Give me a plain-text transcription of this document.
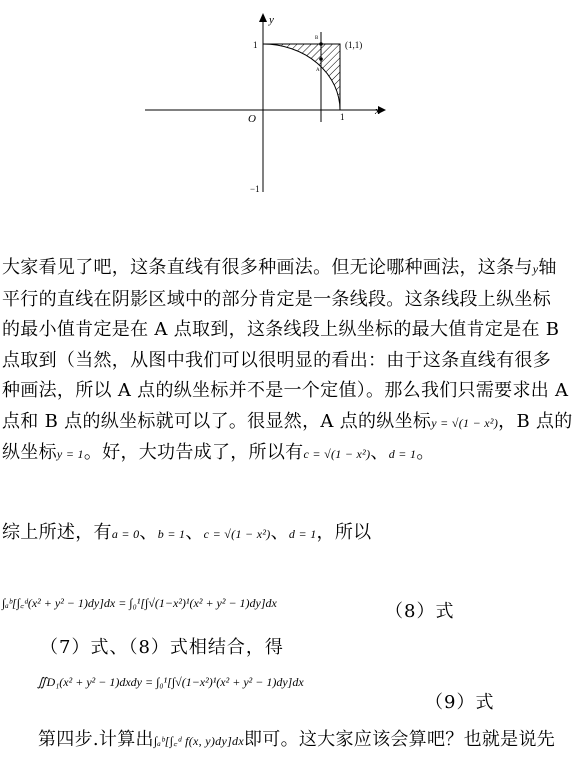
B
A
y
x
O
1
1
−1
(1,1)
大家看见了吧，这条直线有很多种画法。但无论哪种画法，这条与y轴
平行的直线在阴影区域中的部分肯定是一条线段。这条线段上纵坐标
的最小值肯定是在 A 点取到，这条线段上纵坐标的最大值肯定是在 B
点取到（当然，从图中我们可以很明显的看出：由于这条直线有很多
种画法，所以 A 点的纵坐标并不是一个定值）。那么我们只需要求出 A
点和 B 点的纵坐标就可以了。很显然，A 点的纵坐标y = √(1 − x²)，B 点的
纵坐标y = 1。好，大功告成了，所以有c = √(1 − x²)、d = 1。
综上所述，有a = 0、b = 1、c = √(1 − x²)、d = 1，所以
∫ₐᵇ[∫꜀ᵈ(x² + y² − 1)dy]dx = ∫₀¹[∫√(1−x²)¹(x² + y² − 1)dy]dx	（8）式
（7）式、（8）式相结合，得
∬D₁(x² + y² − 1)dxdy = ∫₀¹[∫√(1−x²)¹(x² + y² − 1)dy]dx
（9）式
第四步.计算出∫ₐᵇ[∫꜀ᵈ f(x, y)dy]dx即可。这大家应该会算吧？也就是说先
